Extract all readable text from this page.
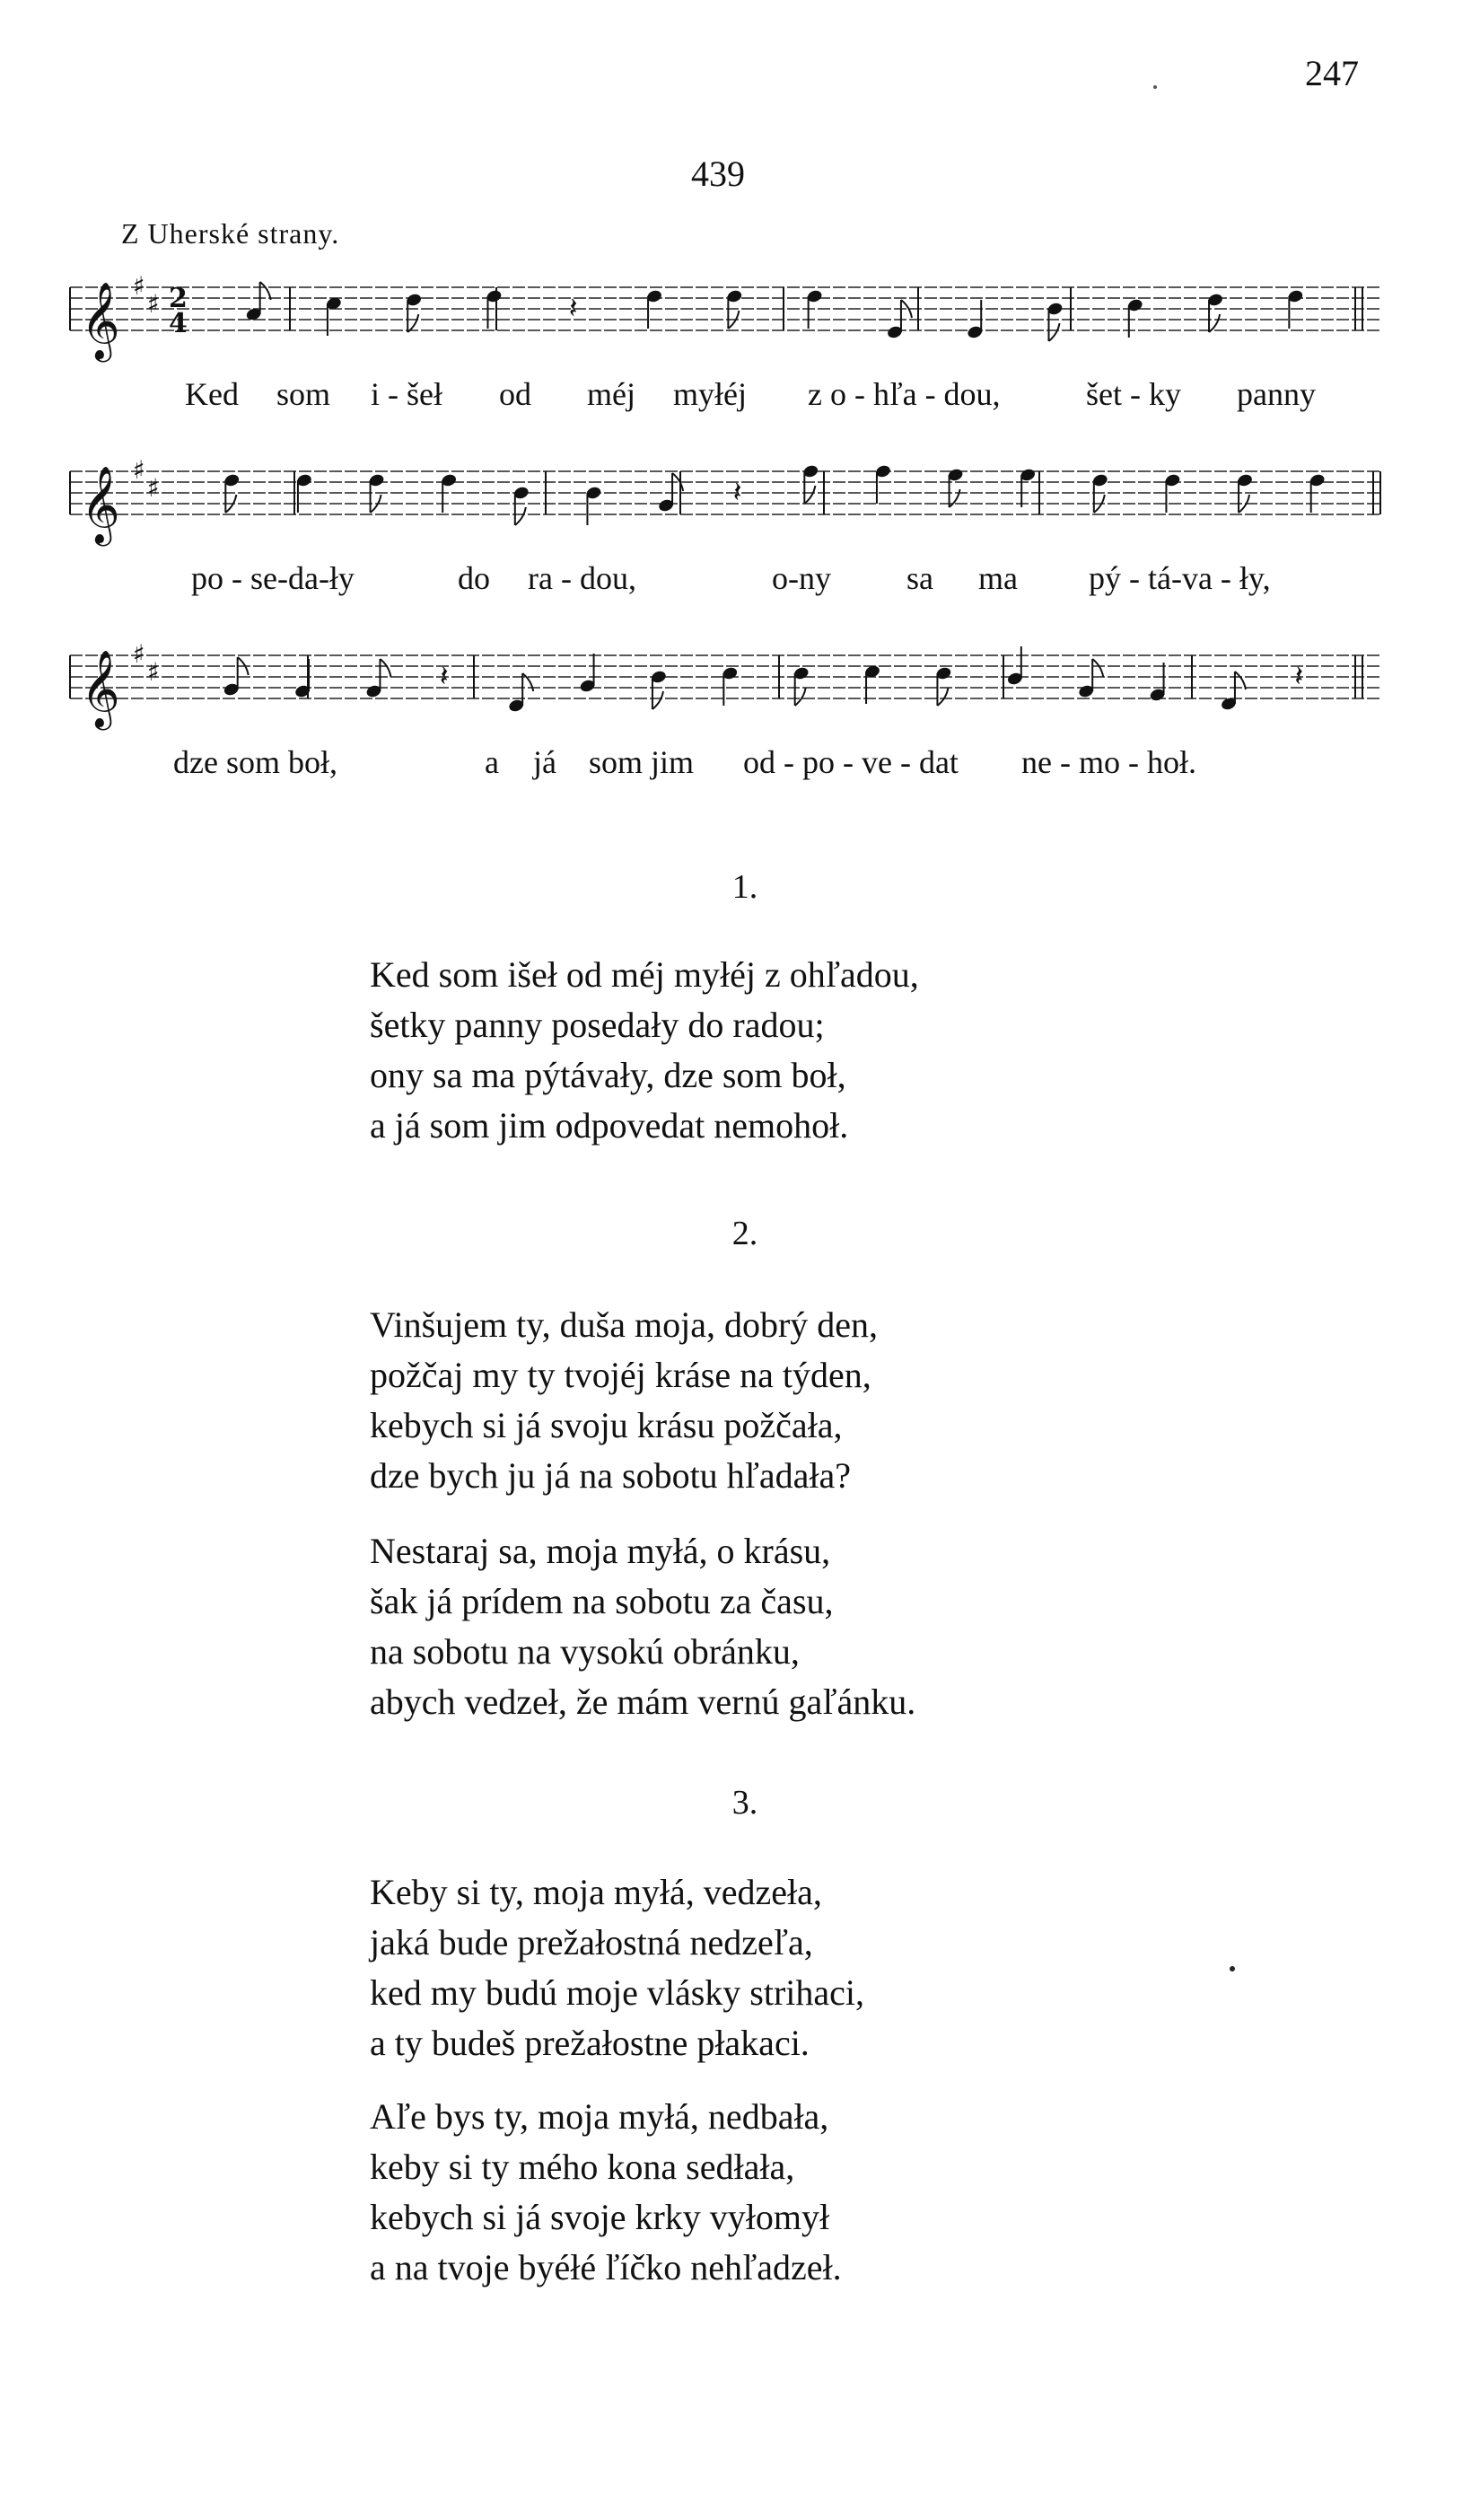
247
439
Z Uherské strany.
𝄞 ♯
♯ 2
4	𝄽
Ked som i - šeł od méj myłéj z o - hľa - dou,	šet - ky panny
𝄞 ♯
♯	𝄽
po - se-da-ły	do ra - dou,	o-ny sa ma pý - tá-va - ły,
𝄞 ♯
♯	𝄽	𝄽
dze som boł,	a já som jim od - po - ve - dat ne - mo - hoł.
1.
Ked som išeł od méj myłéj z ohľadou,
šetky panny posedały do radou;
ony sa ma pýtávały, dze som boł,
a já som jim odpovedat nemohoł.
2.
Vinšujem ty, duša moja, dobrý den,
požčaj my ty tvojéj kráse na týden,
kebych si já svoju krásu požčała,
dze bych ju já na sobotu hľadała?
Nestaraj sa, moja myłá, o krásu,
šak já prídem na sobotu za času,
na sobotu na vysokú obránku,
abych vedzeł, že mám vernú gaľánku.
3.
Keby si ty, moja myłá, vedzeła,
jaká bude prežałostná nedzeľa,
ked my budú moje vlásky strihaci,
a ty budeš prežałostne płakaci.
Aľe bys ty, moja myłá, nedbała,
keby si ty mého kona sedłała,
kebych si já svoje krky vyłomył
a na tvoje byéłé ľíčko nehľadzeł.
